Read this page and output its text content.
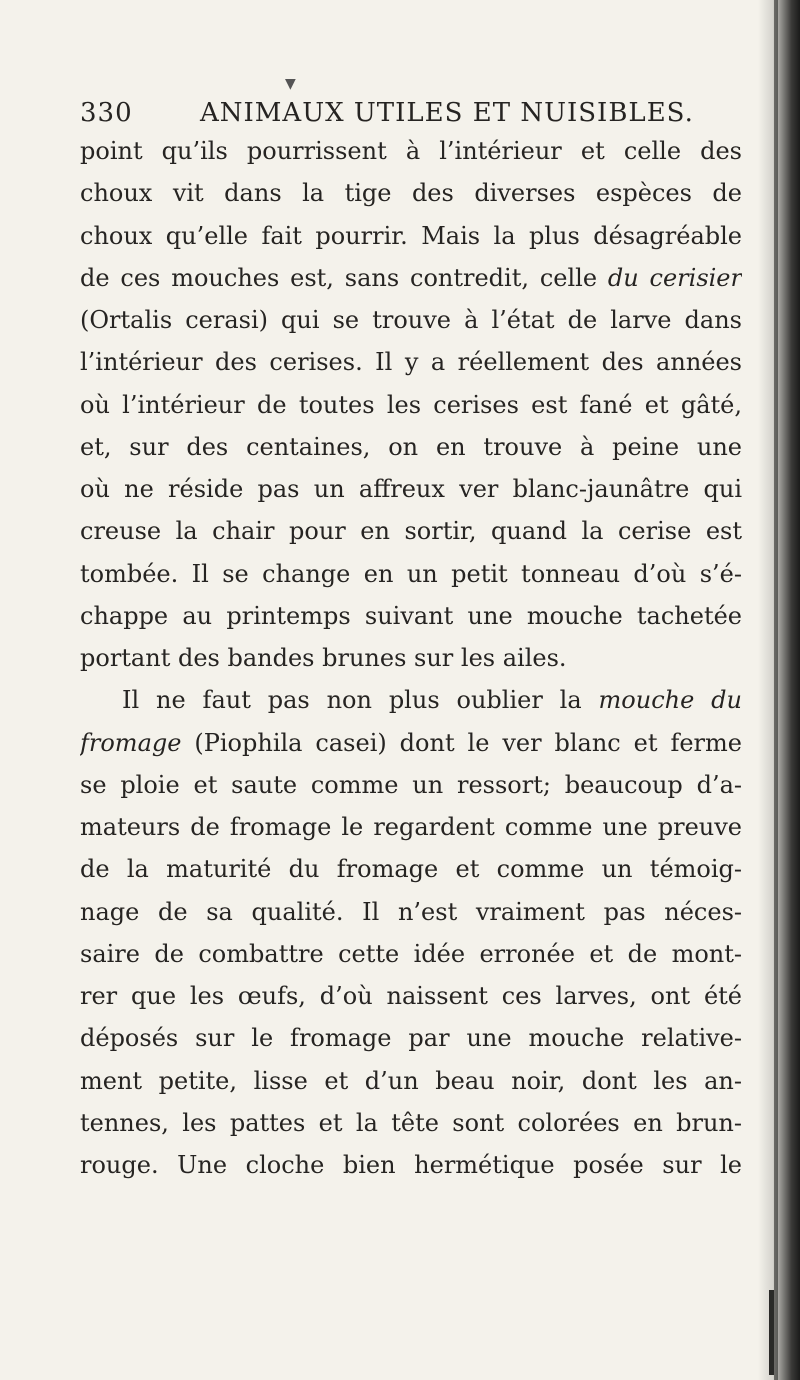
330
▼
ANIMAUX UTILES ET NUISIBLES.
point qu’ils pourrissent à l’intérieur et celle des
choux vit dans la tige des diverses espèces de
choux qu’elle fait pourrir. Mais la plus désagréable
de ces mouches est, sans contredit, celle du cerisier
(Ortalis cerasi) qui se trouve à l’état de larve dans
l’intérieur des cerises. Il y a réellement des années
où l’intérieur de toutes les cerises est fané et gâté,
et, sur des centaines, on en trouve à peine une
où ne réside pas un affreux ver blanc-jaunâtre qui
creuse la chair pour en sortir, quand la cerise est
tombée. Il se change en un petit tonneau d’où s’é-
chappe au printemps suivant une mouche tachetée
portant des bandes brunes sur les ailes.
Il ne faut pas non plus oublier la mouche du
fromage (Piophila casei) dont le ver blanc et ferme
se ploie et saute comme un ressort; beaucoup d’a-
mateurs de fromage le regardent comme une preuve
de la maturité du fromage et comme un témoig-
nage de sa qualité. Il n’est vraiment pas néces-
saire de combattre cette idée erronée et de mont-
rer que les œufs, d’où naissent ces larves, ont été
déposés sur le fromage par une mouche relative-
ment petite, lisse et d’un beau noir, dont les an-
tennes, les pattes et la tête sont colorées en brun-
rouge. Une cloche bien hermétique posée sur le
